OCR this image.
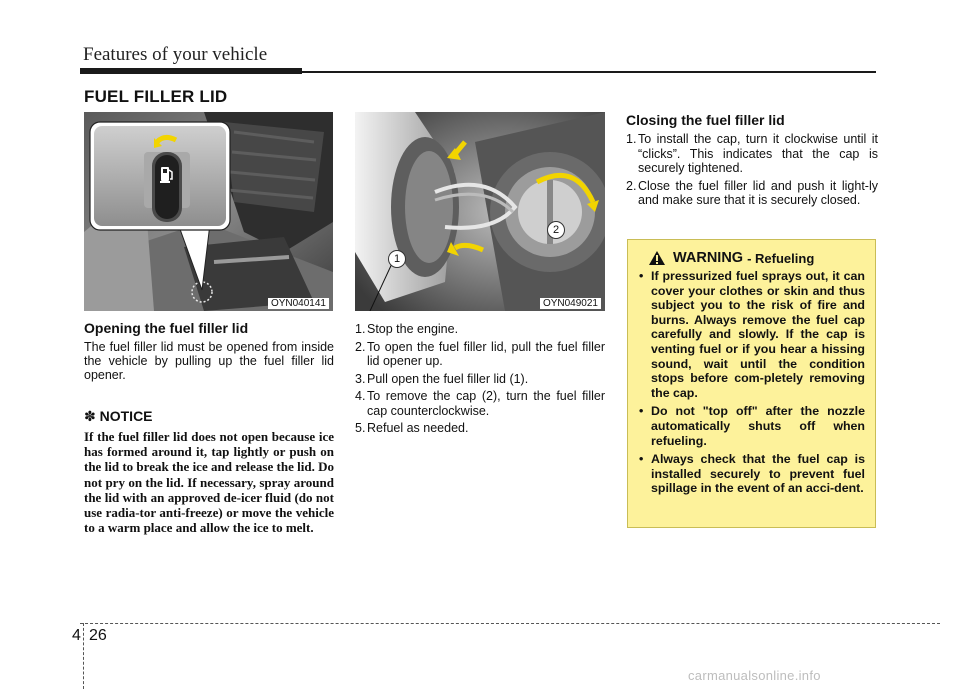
Features of your vehicle
FUEL FILLER LID
OYN040141
1
2
OYN049021
Opening the fuel filler lid

The fuel filler lid must be opened from inside the vehicle by pulling up the fuel filler lid opener.

✽ NOTICE
If the fuel filler lid does not open because ice has formed around it, tap lightly or push on the lid to break the ice and release the lid. Do not pry on the lid. If necessary, spray around the lid with an approved de-icer fluid (do not use radia-tor anti-freeze) or move the vehicle to a warm place and allow the ice to melt.
1. Stop the engine.
2. To open the fuel filler lid, pull the fuel filler lid opener up.
3. Pull open the fuel filler lid (1).
4. To remove the cap (2), turn the fuel filler cap counterclockwise.
5. Refuel as needed.
Closing the fuel filler lid
1. To install the cap, turn it clockwise until it “clicks”. This indicates that the cap is securely tightened.
2. Close the fuel filler lid and push it light-ly and make sure that it is securely closed.
WARNING - Refueling
• If pressurized fuel sprays out, it can cover your clothes or skin and thus subject you to the risk of fire and burns. Always remove the fuel cap carefully and slowly. If the cap is venting fuel or if you hear a hissing sound, wait until the condition stops before com-pletely removing the cap.
• Do not "top off" after the nozzle automatically shuts off when refueling.
• Always check that the fuel cap is installed securely to prevent fuel spillage in the event of an acci-dent.
4 26
carmanualsonline.info
